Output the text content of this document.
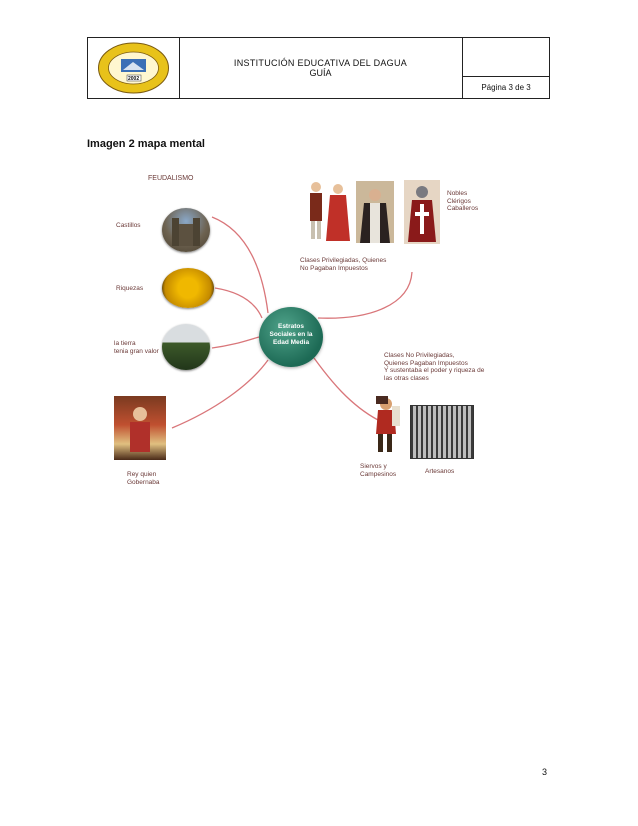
2002
INSTITUCIÓN EDUCATIVA DEL DAGUA
GUÍA
Página 3 de 3
Imagen 2 mapa mental
FEUDALISMO
Castillos
Riquezas
la tierra
tenia gran valor
Rey quien
Gobernaba
Estratos
Sociales en la
Edad Media
Nobles
Clérigos
Caballeros
Clases Privilegiadas, Quienes
No Pagaban Impuestos
Clases No Privilegiadas,
Quienes Pagaban Impuestos
Y sustentaba el poder y riqueza de
las otras clases
Siervos y
Campesinos	Artesanos
3
